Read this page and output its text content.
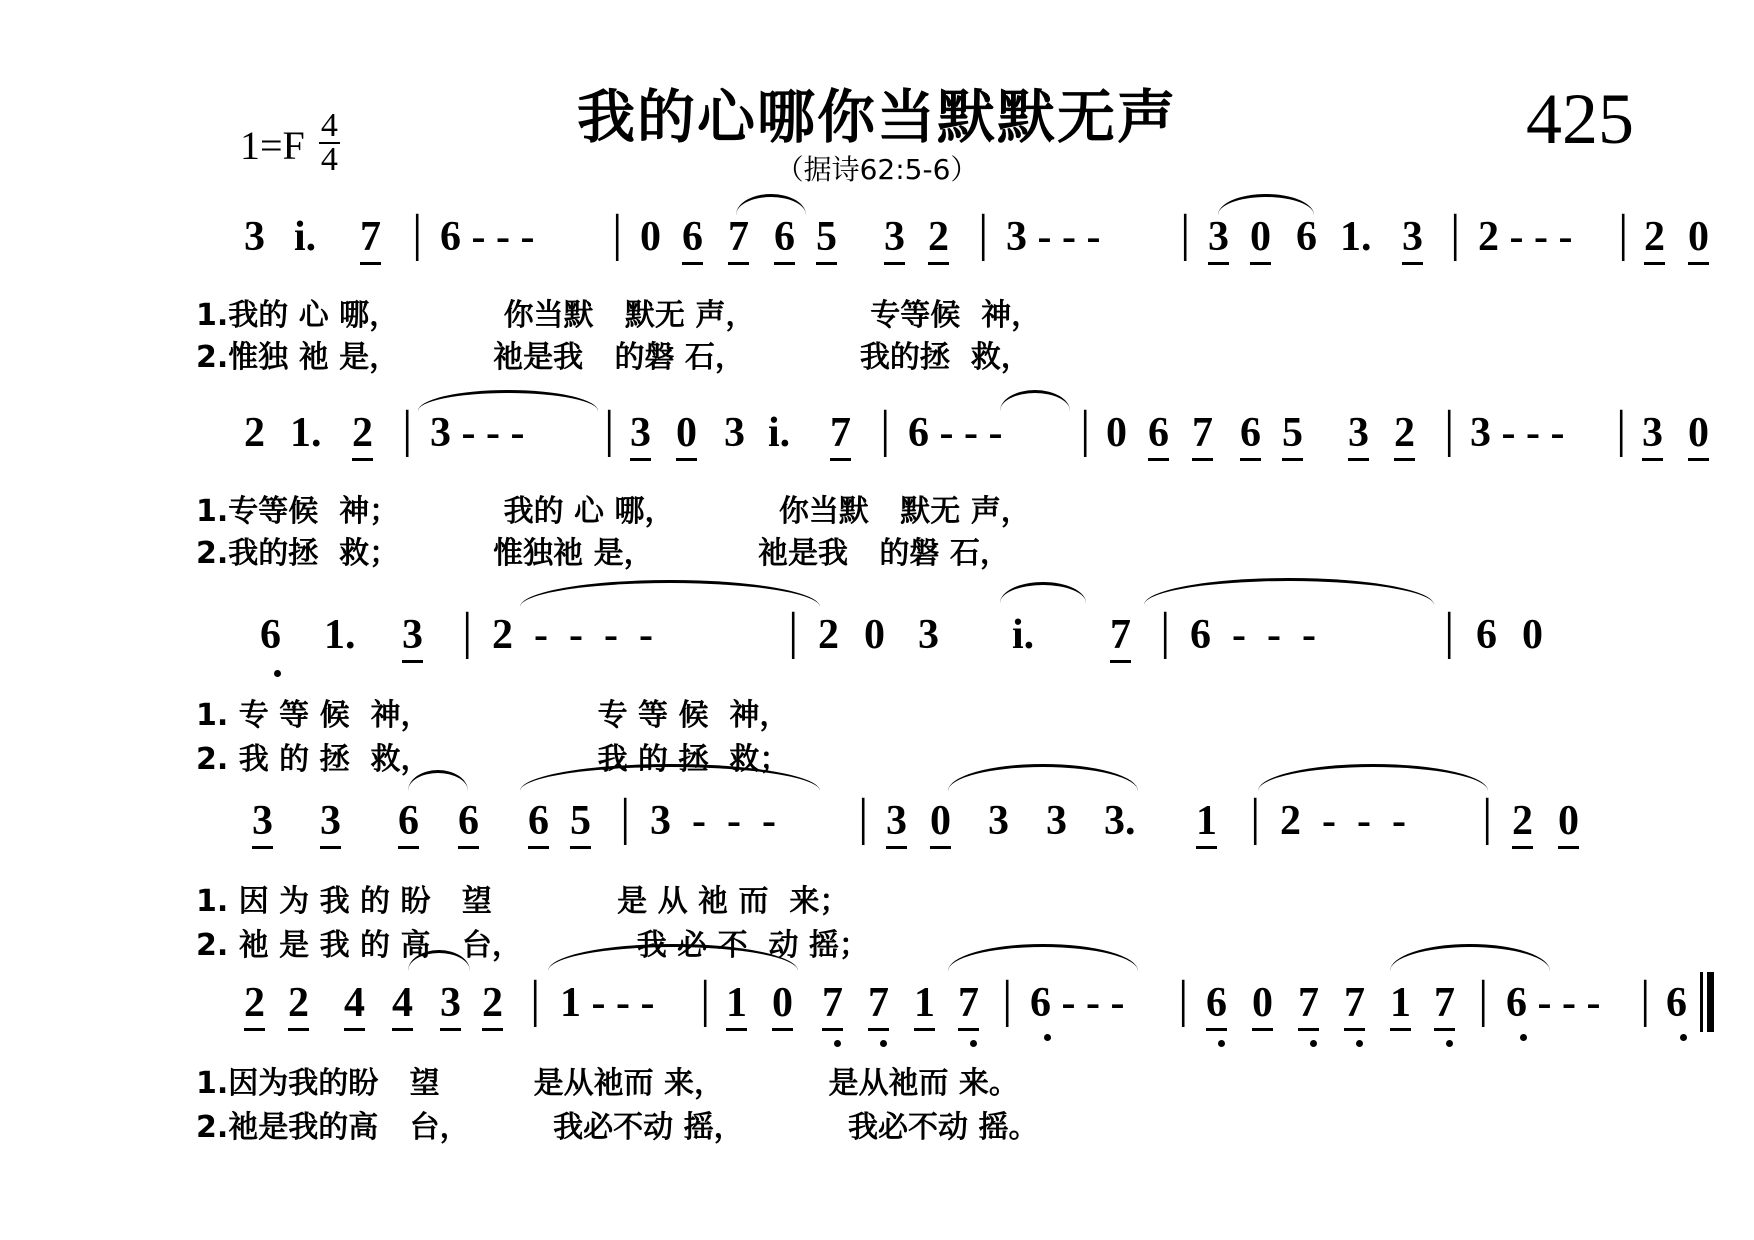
$1=F \frac{4}{4}$	我的心哪你当默默无声
（据诗62:5-6）
425
3 i. 7 | 6 - - - | 0 6 7 6 5 3 2 | 3 - - - | 3 0 6 1. 3 | 2 - - - | 2 0
1.我的 心 哪，          你当默   默无 声，           专等候  神，
2.惟独 祂 是，         祂是我   的磐 石，           我的拯  救，
2 1. 2 | 3 - - - | 3 0 3 i. 7 | 6 - - - | 0 6 7 6 5 3 2 | 3 - - - | 3 0
1.专等候  神；          我的 心 哪，          你当默   默无 声，
2.我的拯  救；         惟独祂 是，          祂是我   的磐 石，
6 1. 3 | 2  -  -  -  -	| 2 0 3 i. 7 | 6  -  -  - | 6 0
1. 专 等 候  神，                专 等 候  神，
2. 我 的 拯  救，                我 的 拯  救；
3 3 6 6 6 5 | 3  -  -  - | 3 0 3 3 3. 1 | 2  -  -  - | 2 0
1. 因 为 我 的 盼   望            是 从 祂 而  来；
2. 祂 是 我 的 高   台，           我 必 不  动 摇；
2 2 4 4 3 2 | 1 - - - | 1 0 7 7 1 7 | 6 - - - | 6 0 7 7 1 7 | 6 - - - | 6
1.因为我的盼   望         是从祂而 来，          是从祂而 来。
2.祂是我的高   台，        我必不动 摇，          我必不动 摇。
